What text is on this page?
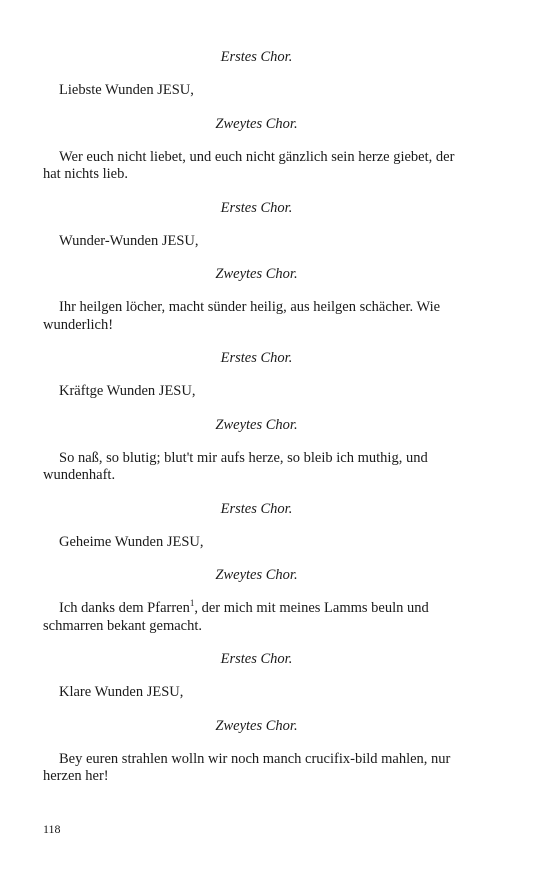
Erstes Chor.

Liebste Wunden JESU,

Zweytes Chor.

Wer euch nicht liebet, und euch nicht gänzlich sein herze giebet, der hat nichts lieb.

Erstes Chor.

Wunder-Wunden JESU,

Zweytes Chor.

Ihr heilgen löcher, macht sünder heilig, aus heilgen schächer. Wie wunderlich!

Erstes Chor.

Kräftge Wunden JESU,

Zweytes Chor.

So naß, so blutig; blut't mir aufs herze, so bleib ich muthig, und wundenhaft.

Erstes Chor.

Geheime Wunden JESU,

Zweytes Chor.

Ich danks dem Pfarren$^1$, der mich mit meines Lamms beuln und schmarren bekant gemacht.

Erstes Chor.

Klare Wunden JESU,

Zweytes Chor.

Bey euren strahlen wolln wir noch manch crucifix-bild mahlen, nur herzen her!

118
